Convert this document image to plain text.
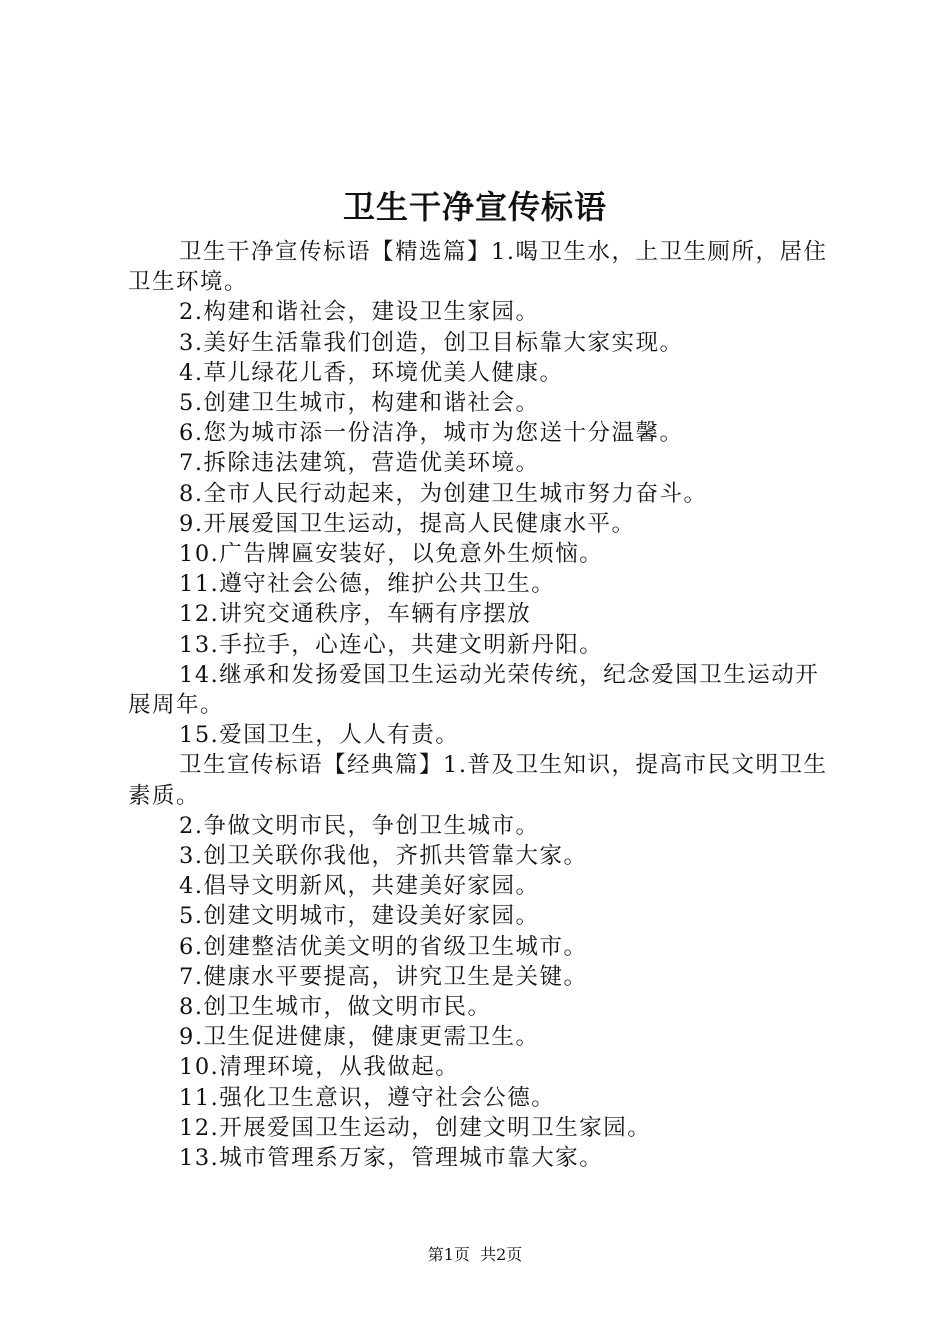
卫生干净宣传标语

卫生干净宣传标语【精选篇】1.喝卫生水，上卫生厕所，居住卫生环境。

2.构建和谐社会，建设卫生家园。

3.美好生活靠我们创造，创卫目标靠大家实现。

4.草儿绿花儿香，环境优美人健康。

5.创建卫生城市，构建和谐社会。

6.您为城市添一份洁净，城市为您送十分温馨。

7.拆除违法建筑，营造优美环境。

8.全市人民行动起来，为创建卫生城市努力奋斗。

9.开展爱国卫生运动，提高人民健康水平。

10.广告牌匾安装好，以免意外生烦恼。

11.遵守社会公德，维护公共卫生。

12.讲究交通秩序，车辆有序摆放

13.手拉手，心连心，共建文明新丹阳。

14.继承和发扬爱国卫生运动光荣传统，纪念爱国卫生运动开展周年。

15.爱国卫生，人人有责。

卫生宣传标语【经典篇】1.普及卫生知识，提高市民文明卫生素质。

2.争做文明市民，争创卫生城市。

3.创卫关联你我他，齐抓共管靠大家。

4.倡导文明新风，共建美好家园。

5.创建文明城市，建设美好家园。

6.创建整洁优美文明的省级卫生城市。

7.健康水平要提高，讲究卫生是关键。

8.创卫生城市，做文明市民。

9.卫生促进健康，健康更需卫生。

10.清理环境，从我做起。

11.强化卫生意识，遵守社会公德。

12.开展爱国卫生运动，创建文明卫生家园。

13.城市管理系万家，管理城市靠大家。

第1页 共2页
